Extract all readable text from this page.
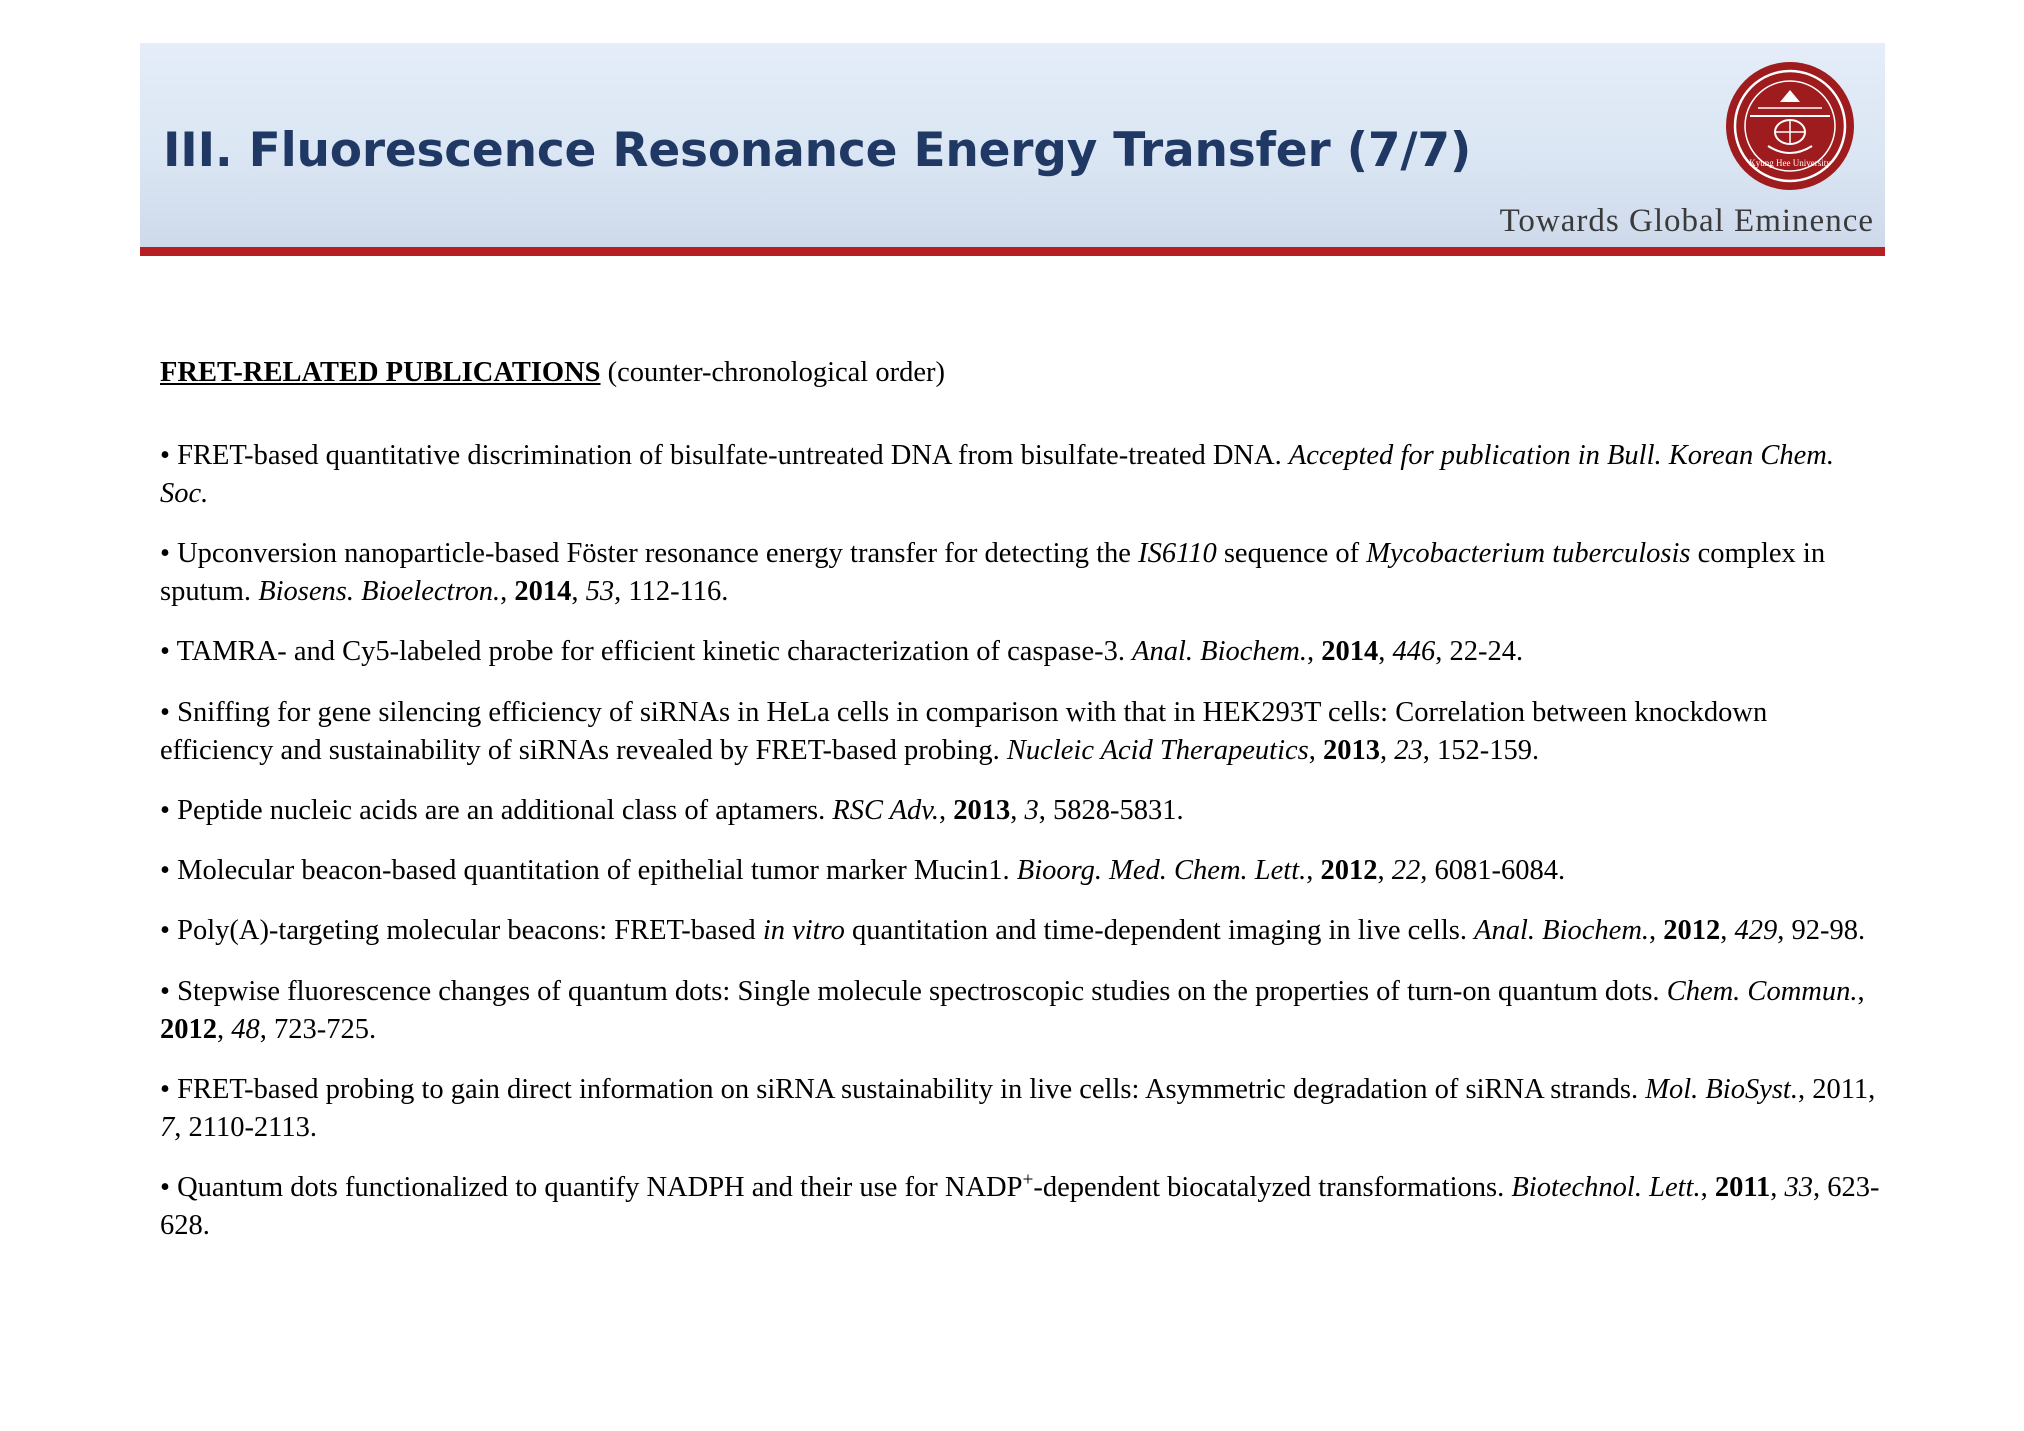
III. Fluorescence Resonance Energy Transfer (7/7)
Towards Global Eminence
Kyung Hee University
FRET-RELATED PUBLICATIONS (counter-chronological order)
• FRET-based quantitative discrimination of bisulfate-untreated DNA from bisulfate-treated DNA. Accepted for publication in Bull. Korean Chem. Soc.
• Upconversion nanoparticle-based Föster resonance energy transfer for detecting the IS6110 sequence of Mycobacterium tuberculosis complex in sputum. Biosens. Bioelectron., 2014, 53, 112-116.
• TAMRA- and Cy5-labeled probe for efficient kinetic characterization of caspase-3. Anal. Biochem., 2014, 446, 22-24.
• Sniffing for gene silencing efficiency of siRNAs in HeLa cells in comparison with that in HEK293T cells: Correlation between knockdown efficiency and sustainability of siRNAs revealed by FRET-based probing. Nucleic Acid Therapeutics, 2013, 23, 152-159.
• Peptide nucleic acids are an additional class of aptamers. RSC Adv., 2013, 3, 5828-5831.
• Molecular beacon-based quantitation of epithelial tumor marker Mucin1. Bioorg. Med. Chem. Lett., 2012, 22, 6081-6084.
• Poly(A)-targeting molecular beacons: FRET-based in vitro quantitation and time-dependent imaging in live cells. Anal. Biochem., 2012, 429, 92-98.
• Stepwise fluorescence changes of quantum dots: Single molecule spectroscopic studies on the properties of turn-on quantum dots. Chem. Commun., 2012, 48, 723-725.
• FRET-based probing to gain direct information on siRNA sustainability in live cells: Asymmetric degradation of siRNA strands. Mol. BioSyst., 2011, 7, 2110-2113.
• Quantum dots functionalized to quantify NADPH and their use for NADP+-dependent biocatalyzed transformations. Biotechnol. Lett., 2011, 33, 623-628.
